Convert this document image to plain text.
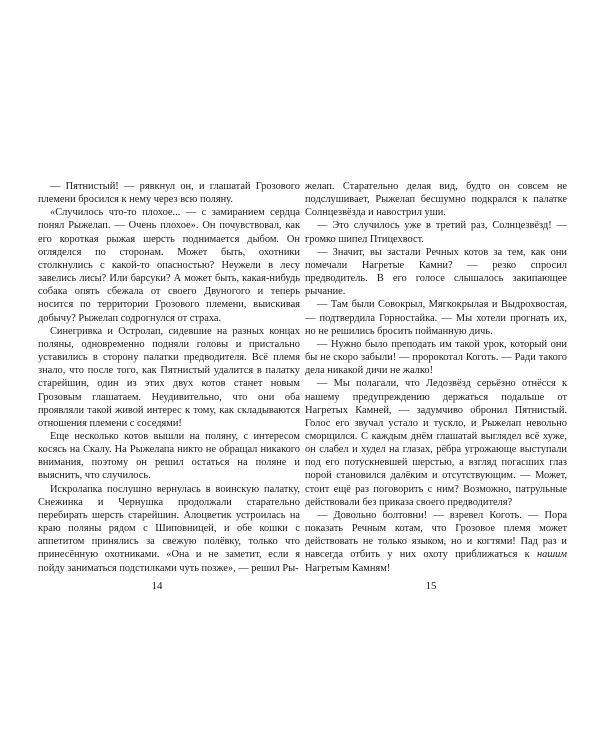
— Пятнистый! — рявкнул он, и глашатай Грозового племени бросился к нему через всю поляну.

«Случилось что-то плохое... — с замиранием сердца понял Рыжелап. — Очень плохое». Он почувствовал, как его короткая рыжая шерсть поднимается дыбом. Он огляделся по сторонам. Может быть, охотники столкнулись с какой-то опасностью? Неужели в лесу завелись лисы? Или барсуки? А может быть, какая-нибудь собака опять сбежала от своего Двуногого и теперь носится по территории Грозового племени, выискивая добычу? Рыжелап содрогнулся от страха.

Синегривка и Остролап, сидевшие на разных концах поляны, одновременно подняли головы и пристально уставились в сторону палатки предводителя. Всё племя знало, что после того, как Пятнистый удалится в палатку старейшин, один из этих двух котов станет новым Грозовым глашатаем. Неудивительно, что они оба проявляли такой живой интерес к тому, как складываются отношения племени с соседями!

Еще несколько котов вышли на поляну, с интересом косясь на Скалу. На Рыжелапа никто не обращал никакого внимания, поэтому он решил остаться на поляне и выяснить, что случилось.

Искролапка послушно вернулась в воинскую палатку, Снежинка и Чернушка продолжали старательно перебирать шерсть старейшин. Алоцветик устроилась на краю поляны рядом с Шиповницей, и обе кошки с аппетитом принялись за свежую полёвку, только что принесённую охотниками. «Она и не заметит, если я пойду заниматься подстилками чуть позже», — решил Ры-

14

желап. Старательно делая вид, будто он совсем не подслушивает, Рыжелап бесшумно подкрался к палатке Солнцезвёзда и навострил уши.

— Это случилось уже в третий раз, Солнцезвёзд! — громко шипел Птицехвост.

— Значит, вы застали Речных котов за тем, как они помечали Нагретые Камни? — резко спросил предводитель. В его голосе слышалось закипающее рычание.

— Там были Совокрыл, Мягкокрылая и Выдрохвостая, — подтвердила Горностайка. — Мы хотели прогнать их, но не решились бросить пойманную дичь.

— Нужно было преподать им такой урок, который они бы не скоро забыли! — пророкотал Коготь. — Ради такого дела никакой дичи не жалко!

— Мы полагали, что Ледозвёзд серьёзно отнёсся к нашему предупреждению держаться подальше от Нагретых Камней, — задумчиво обронил Пятнистый. Голос его звучал устало и тускло, и Рыжелап невольно сморщился. С каждым днём глашатай выглядел всё хуже, он слабел и худел на глазах, рёбра угрожающе выступали под его потускневшей шерстью, а взгляд погасших глаз порой становился далёким и отсутствующим. — Может, стоит ещё раз поговорить с ним? Возможно, патрульные действовали без приказа своего предводителя?

— Довольно болтовни! — взревел Коготь. — Пора показать Речным котам, что Грозовое племя может действовать не только языком, но и когтями! Пад раз и навсегда отбить у них охоту приближаться к нашим Нагретым Камням!

15
